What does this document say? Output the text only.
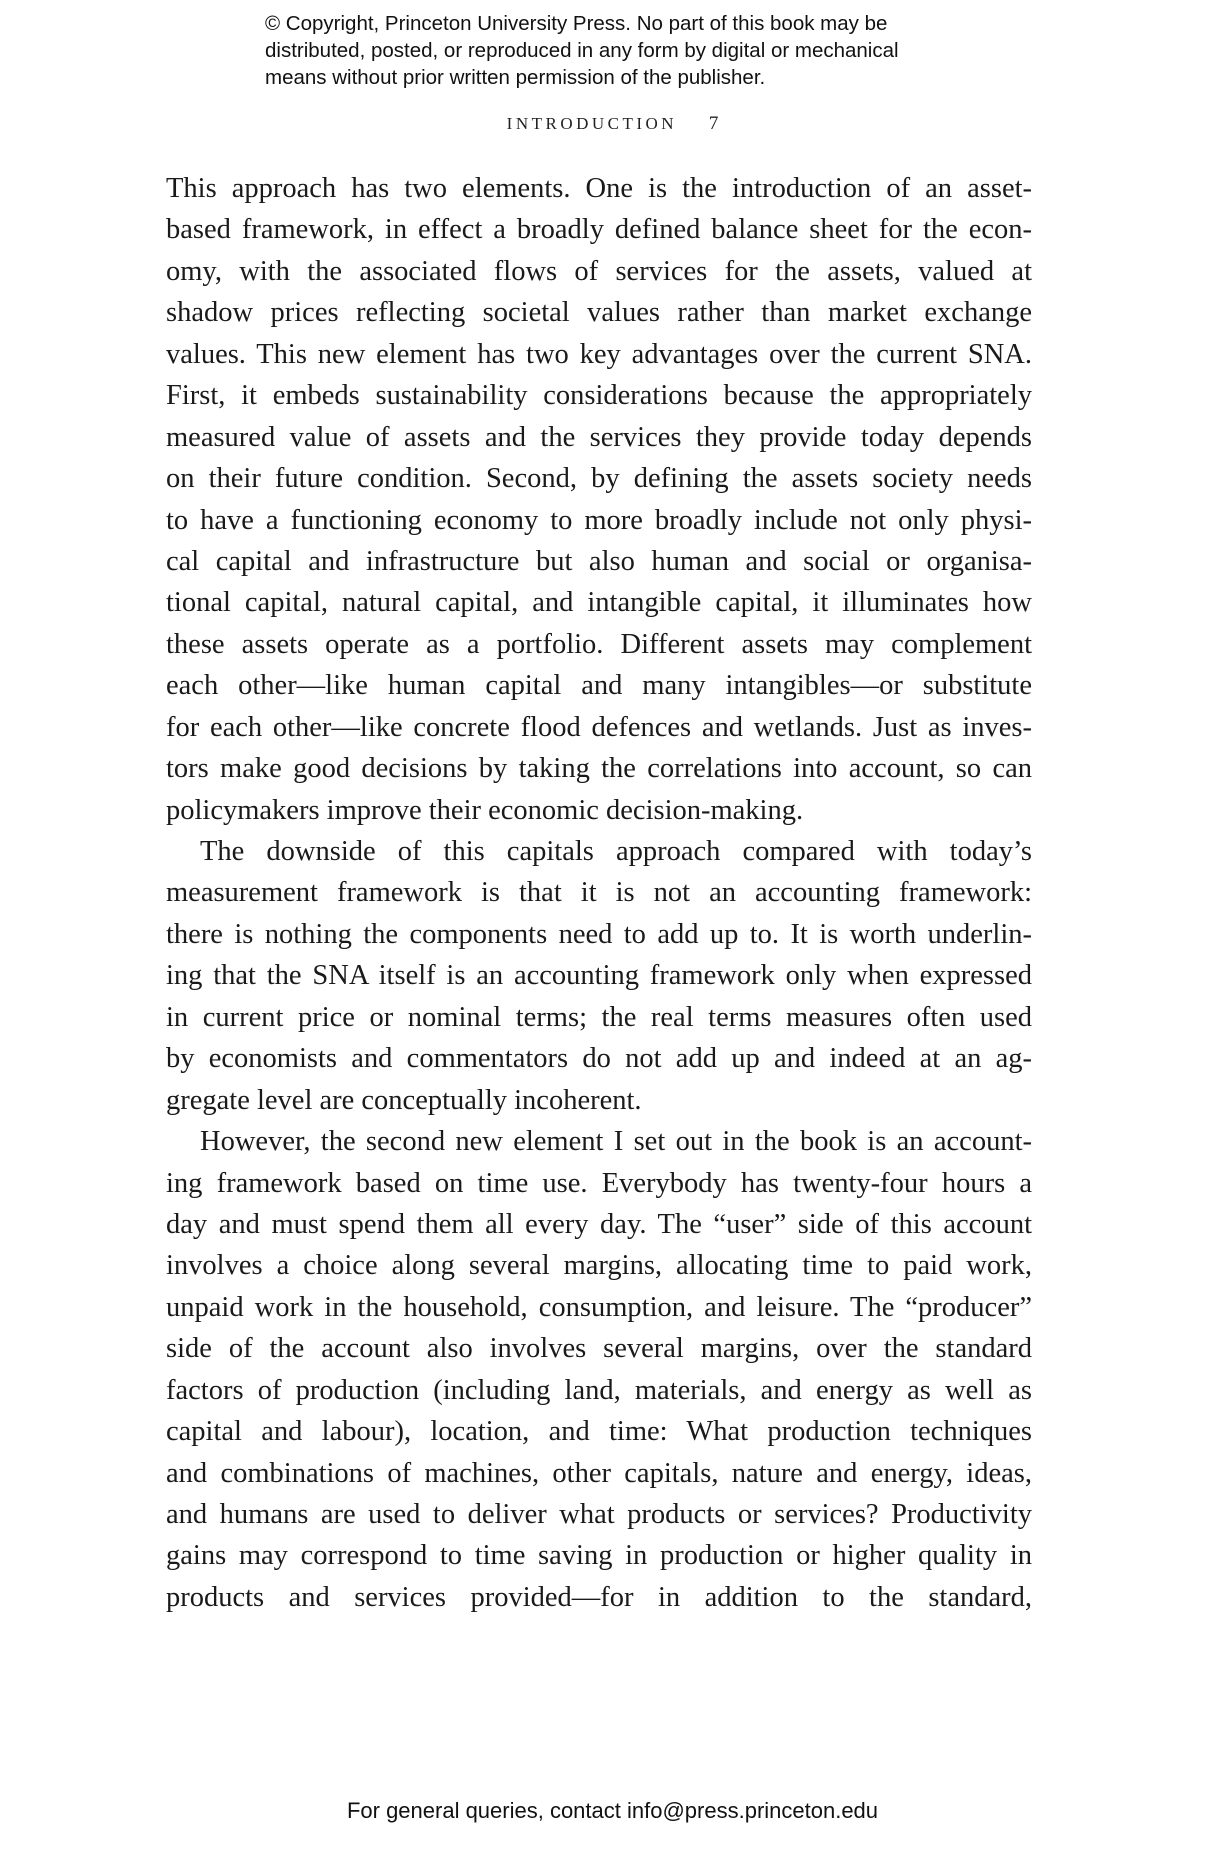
© Copyright, Princeton University Press. No part of this book may be
distributed, posted, or reproduced in any form by digital or mechanical
means without prior written permission of the publisher.
INTRODUCTION 7
This approach has two elements. One is the introduction of an asset-
based framework, in effect a broadly defined balance sheet for the econ-
omy, with the associated flows of services for the assets, valued at
shadow prices reflecting societal values rather than market exchange
values. This new element has two key advantages over the current SNA.
First, it embeds sustainability considerations because the appropriately
measured value of assets and the services they provide today depends
on their future condition. Second, by defining the assets society needs
to have a functioning economy to more broadly include not only physi-
cal capital and infrastructure but also human and social or organisa-
tional capital, natural capital, and intangible capital, it illuminates how
these assets operate as a portfolio. Different assets may complement
each other—like human capital and many intangibles—or substitute
for each other—like concrete flood defences and wetlands. Just as inves-
tors make good decisions by taking the correlations into account, so can
policymakers improve their economic decision-making.
The downside of this capitals approach compared with today’s
measurement framework is that it is not an accounting framework:
there is nothing the components need to add up to. It is worth underlin-
ing that the SNA itself is an accounting framework only when expressed
in current price or nominal terms; the real terms measures often used
by economists and commentators do not add up and indeed at an ag-
gregate level are conceptually incoherent.
However, the second new element I set out in the book is an account-
ing framework based on time use. Everybody has twenty-four hours a
day and must spend them all every day. The “user” side of this account
involves a choice along several margins, allocating time to paid work,
unpaid work in the household, consumption, and leisure. The “producer”
side of the account also involves several margins, over the standard
factors of production (including land, materials, and energy as well as
capital and labour), location, and time: What production techniques
and combinations of machines, other capitals, nature and energy, ideas,
and humans are used to deliver what products or services? Productivity
gains may correspond to time saving in production or higher quality in
products and services provided—for in addition to the standard,
For general queries, contact info@press.princeton.edu
